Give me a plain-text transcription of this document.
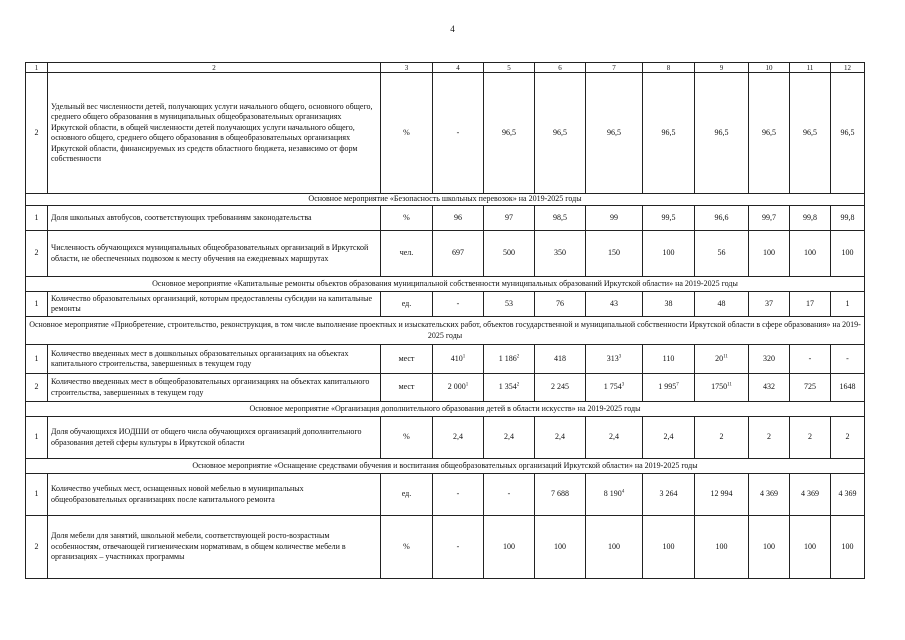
4
1	2	3	4	5	6	7	8	9	10	11	12
2	Удельный вес численности детей, получающих услуги начального общего, основного общего, среднего общего образования в муниципальных общеобразовательных организациях Иркутской области, в общей численности детей получающих услуги начального общего, основного общего, среднего общего образования в общеобразовательных организациях Иркутской области, финансируемых из средств областного бюджета, независимо от форм собственности	%	-	96,5	96,5	96,5	96,5	96,5	96,5	96,5	96,5
Основное мероприятие «Безопасность школьных перевозок» на 2019-2025 годы											
1	Доля школьных автобусов, соответствующих требованиям законодательства	%	96	97	98,5	99	99,5	96,6	99,7	99,8	99,8
2	Численность обучающихся муниципальных общеобразовательных организаций в Иркутской области, не обеспеченных подвозом к месту обучения на ежедневных маршрутах	чел.	697	500	350	150	100	56	100	100	100
Основное мероприятие «Капитальные ремонты объектов образования муниципальной собственности муниципальных образований Иркутской области» на 2019-2025 годы											
1	Количество образовательных организаций, которым предоставлены субсидии на капитальные ремонты	ед.	-	53	76	43	38	48	37	17	1
Основное мероприятие «Приобретение, строительство, реконструкция, в том числе выполнение проектных и изыскательских работ, объектов государственной и муниципальной собственности Иркутской области в сфере образования» на 2019-2025 годы											
1	Количество введенных мест в дошкольных образовательных организациях на объектах капитального строительства, завершенных в текущем году	мест	$410^1$	1 $186^2$	418	$313^3$	110	$20^{11}$	320	-	-
2	Количество введенных мест в общеобразовательных организациях на объектах капитального строительства, завершенных в текущем году	мест	2 $000^1$	1 $354^2$	2 245	1 $754^3$	1 $995^7$	1750$^{11}$	432	725	1648
Основное мероприятие «Организация дополнительного образования детей в области искусств» на 2019-2025 годы											
1	Доля обучающихся ИОДШИ от общего числа обучающихся организаций дополнительного образования детей сферы культуры в Иркутской области	%	2,4	2,4	2,4	2,4	2,4	2	2	2	2
Основное мероприятие «Оснащение средствами обучения и воспитания общеобразовательных организаций Иркутской области» на 2019-2025 годы											
1	Количество учебных мест, оснащенных новой мебелью в муниципальных общеобразовательных организациях после капитального ремонта	ед.	-	-	7 688	8 $190^4$	3 264	12 994	4 369	4 369	4 369
2	Доля мебели для занятий, школьной мебели, соответствующей росто-возрастным особенностям, отвечающей гигиеническим нормативам, в общем количестве мебели в организациях – участниках программы	%	-	100	100	100	100	100	100	100	100
